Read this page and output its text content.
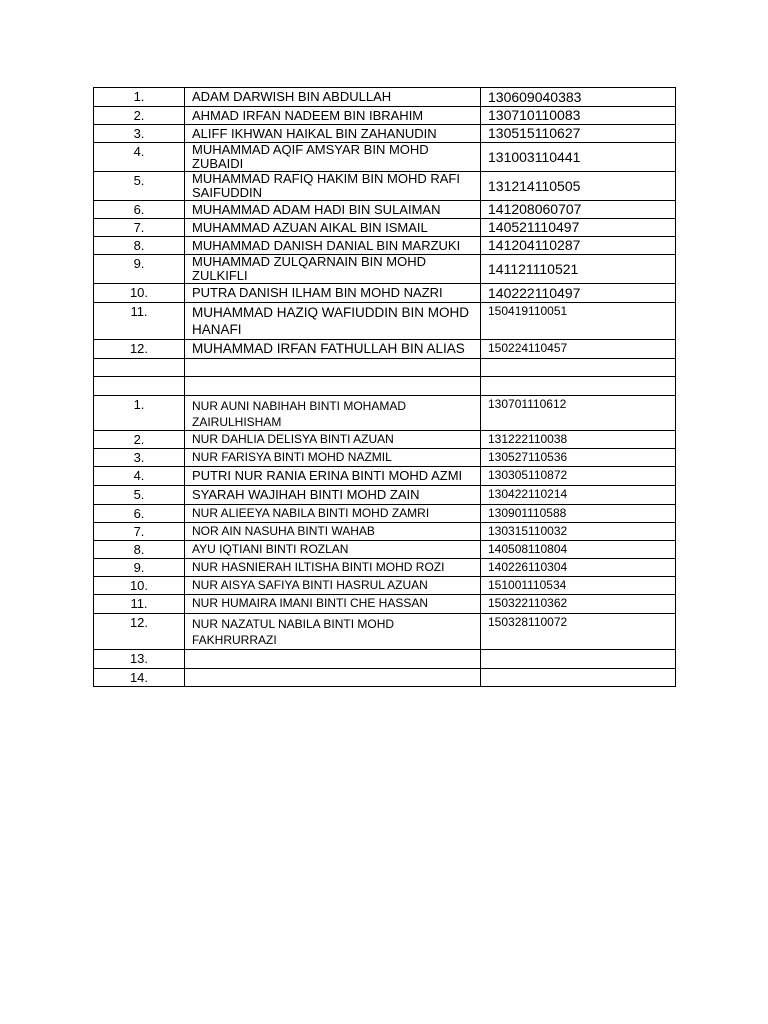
1.	ADAM DARWISH BIN ABDULLAH	130609040383
2.	AHMAD IRFAN NADEEM BIN IBRAHIM	130710110083
3.	ALIFF IKHWAN HAIKAL BIN ZAHANUDIN	130515110627
4.	MUHAMMAD AQIF AMSYAR BIN MOHD ZUBAIDI	131003110441
5.	MUHAMMAD RAFIQ HAKIM BIN MOHD RAFI SAIFUDDIN	131214110505
6.	MUHAMMAD ADAM HADI BIN SULAIMAN	141208060707
7.	MUHAMMAD AZUAN AIKAL BIN ISMAIL	140521110497
8.	MUHAMMAD DANISH DANIAL BIN MARZUKI	141204110287
9.	MUHAMMAD ZULQARNAIN BIN MOHD ZULKIFLI	141121110521
10.	PUTRA DANISH ILHAM BIN MOHD NAZRI	140222110497
11.	MUHAMMAD HAZIQ WAFIUDDIN BIN MOHD HANAFI	150419110051
12.	MUHAMMAD IRFAN FATHULLAH BIN ALIAS	150224110457

1.	NUR AUNI NABIHAH BINTI MOHAMAD ZAIRULHISHAM	130701110612
2.	NUR DAHLIA DELISYA BINTI AZUAN	131222110038
3.	NUR FARISYA BINTI MOHD NAZMIL	130527110536
4.	PUTRI NUR RANIA ERINA BINTI MOHD AZMI	130305110872
5.	SYARAH WAJIHAH BINTI MOHD ZAIN	130422110214
6.	NUR ALIEEYA NABILA BINTI MOHD ZAMRI	130901110588
7.	NOR AIN NASUHA BINTI WAHAB	130315110032
8.	AYU IQTIANI BINTI ROZLAN	140508110804
9.	NUR HASNIERAH ILTISHA BINTI MOHD ROZI	140226110304
10.	NUR AISYA SAFIYA BINTI HASRUL AZUAN	151001110534
11.	NUR HUMAIRA IMANI BINTI CHE HASSAN	150322110362
12.	NUR NAZATUL NABILA BINTI MOHD FAKHRURRAZI	150328110072
13.		
14.		
